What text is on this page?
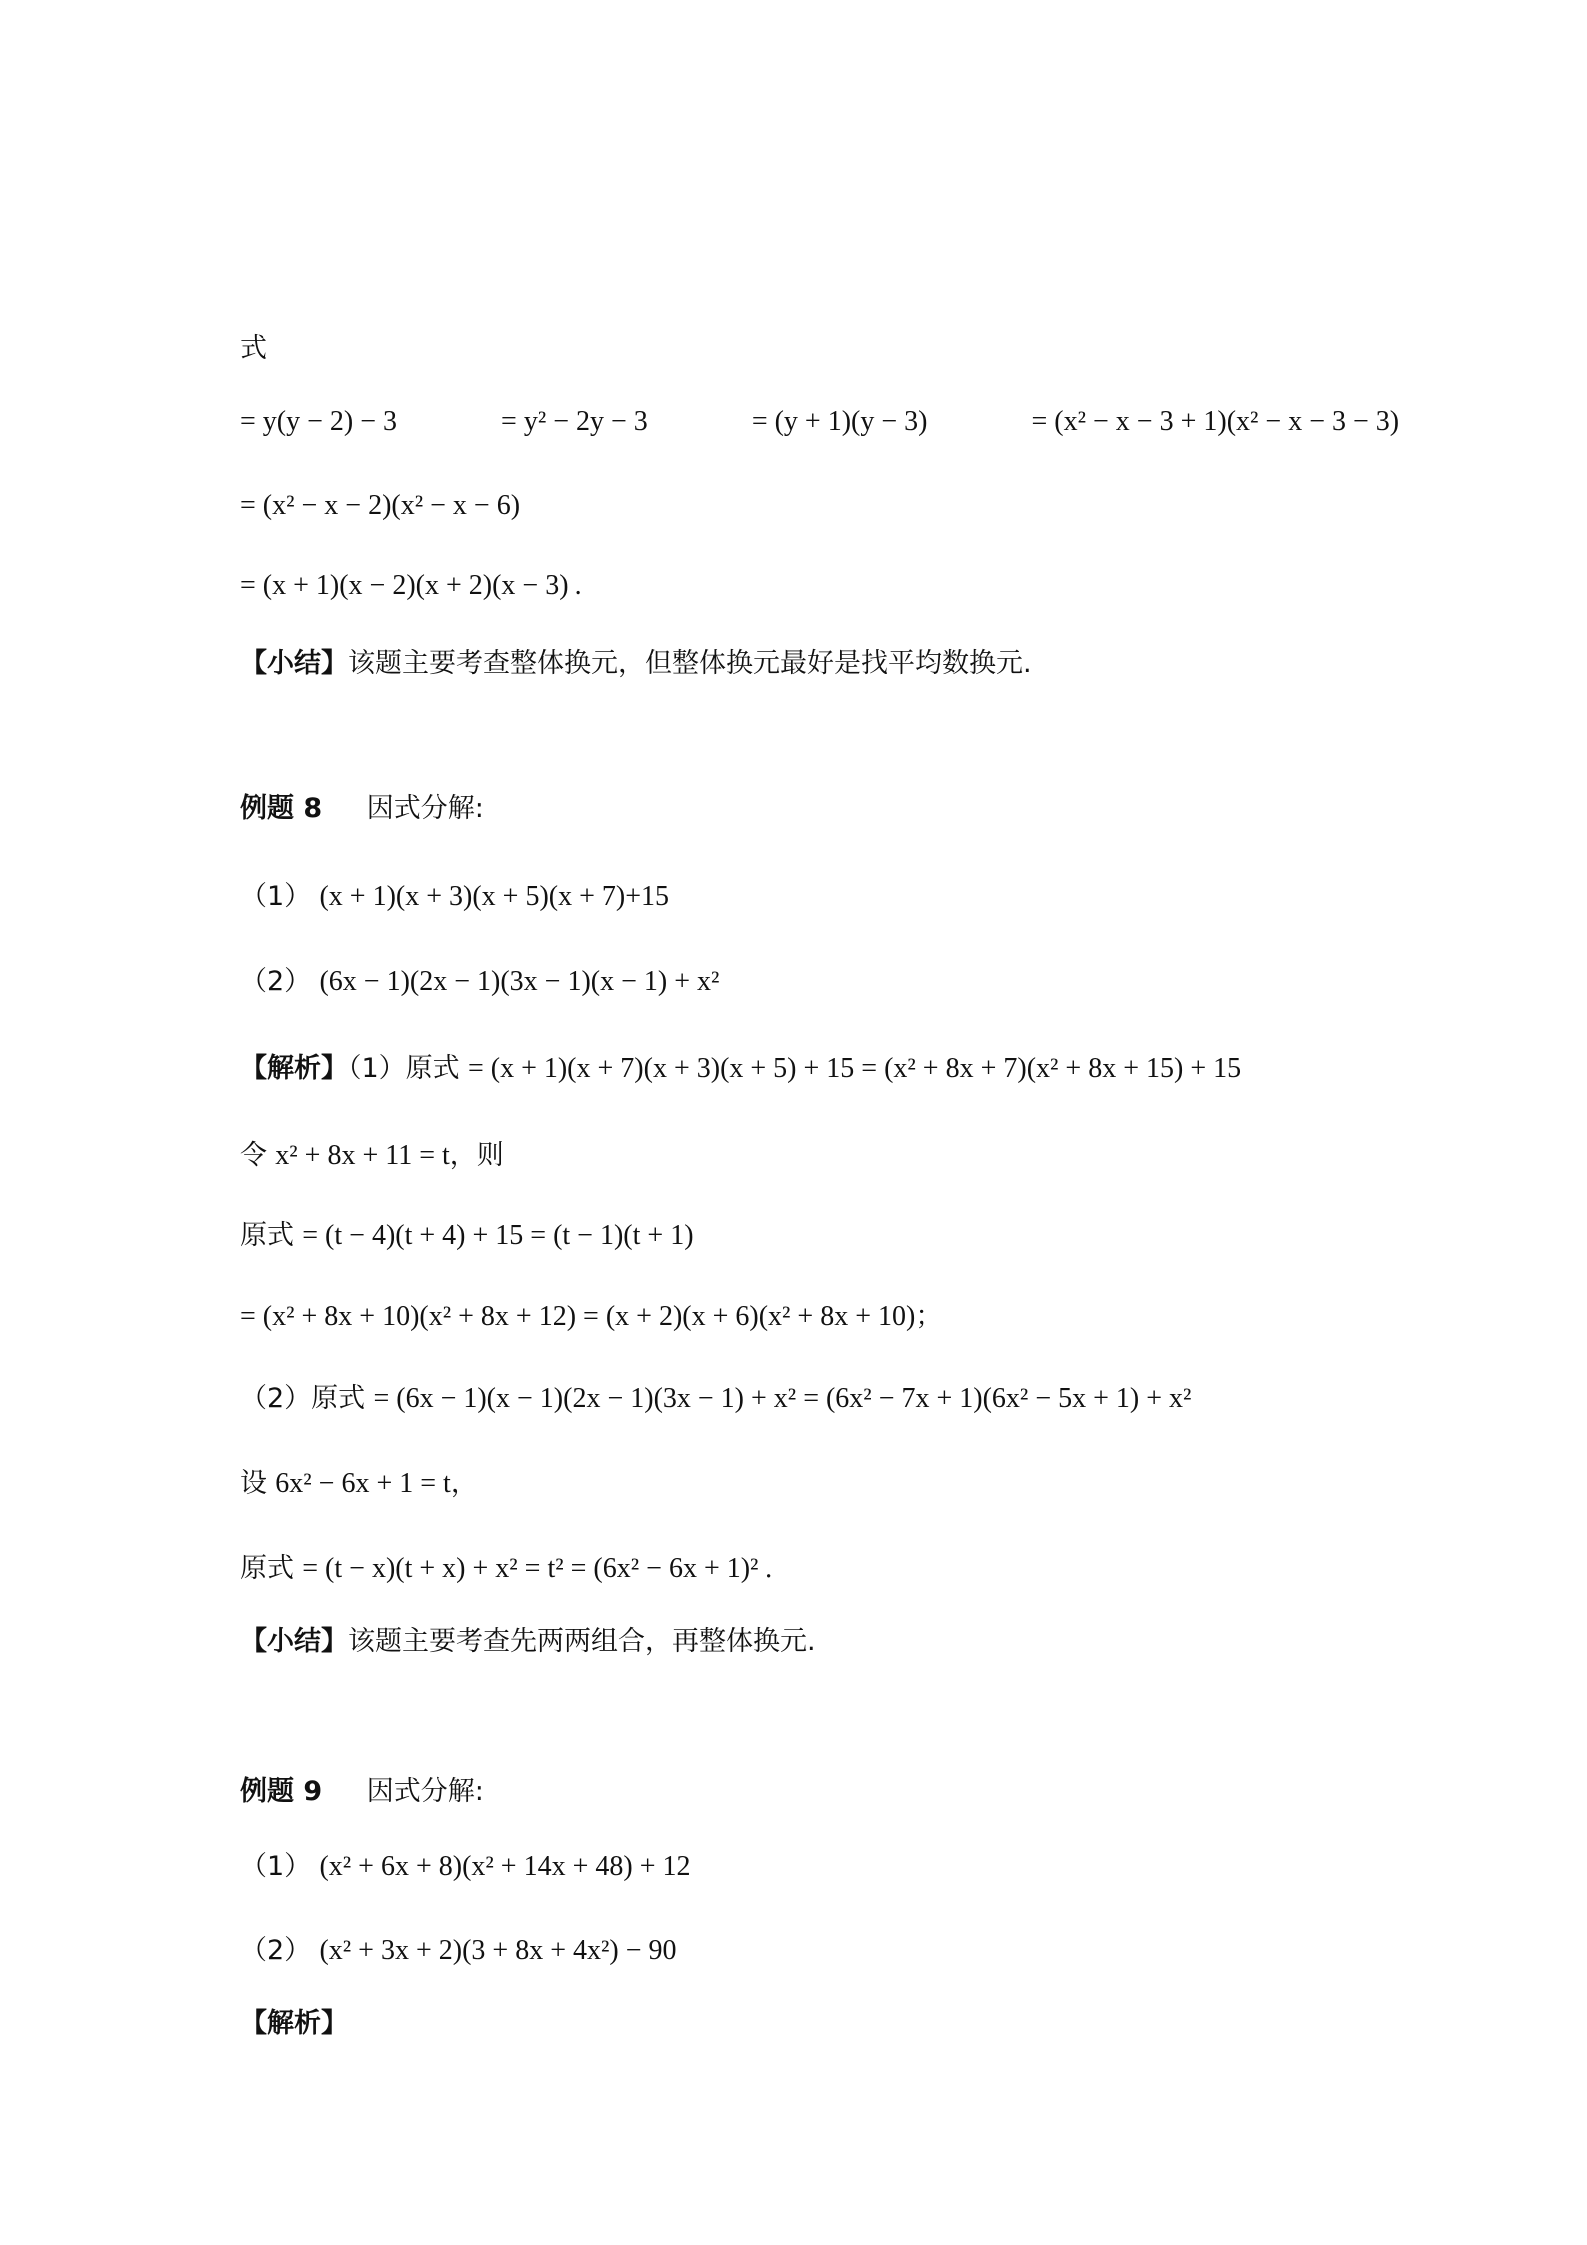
式
= y(y − 2) − 3	= y² − 2y − 3	= (y + 1)(y − 3)	= (x² − x − 3 + 1)(x² − x − 3 − 3)
= (x² − x − 2)(x² − x − 6)
= (x + 1)(x − 2)(x + 2)(x − 3) .
【小结】该题主要考查整体换元，但整体换元最好是找平均数换元.
例题 8 因式分解:
（1） (x + 1)(x + 3)(x + 5)(x + 7)+15
（2） (6x − 1)(2x − 1)(3x − 1)(x − 1) + x²
【解析】（1）原式 = (x + 1)(x + 7)(x + 3)(x + 5) + 15 = (x² + 8x + 7)(x² + 8x + 15) + 15
令 x² + 8x + 11 = t，则
原式 = (t − 4)(t + 4) + 15 = (t − 1)(t + 1)
= (x² + 8x + 10)(x² + 8x + 12) = (x + 2)(x + 6)(x² + 8x + 10)；
（2）原式 = (6x − 1)(x − 1)(2x − 1)(3x − 1) + x² = (6x² − 7x + 1)(6x² − 5x + 1) + x²
设 6x² − 6x + 1 = t，
原式 = (t − x)(t + x) + x² = t² = (6x² − 6x + 1)² .
【小结】该题主要考查先两两组合，再整体换元.
例题 9 因式分解:
（1） (x² + 6x + 8)(x² + 14x + 48) + 12
（2） (x² + 3x + 2)(3 + 8x + 4x²) − 90
【解析】
